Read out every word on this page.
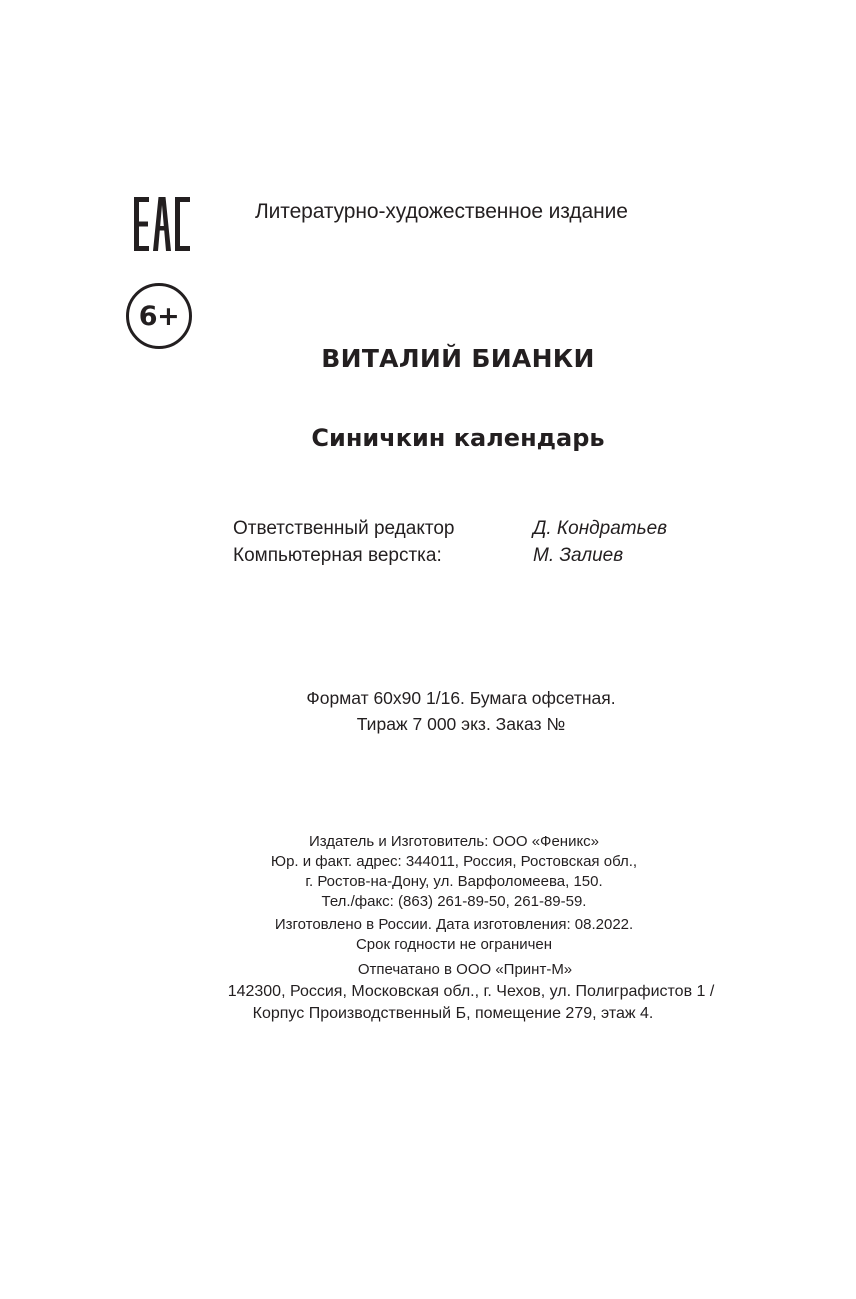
6+
Литературно-художественное издание
ВИТАЛИЙ БИАНКИ
Синичкин календарь
Ответственный редактор	Д. Кондратьев
Компьютерная верстка:	М. Залиев
Формат 60х90 1/16. Бумага офсетная.
Тираж 7 000 экз. Заказ №
Издатель и Изготовитель: ООО «Феникс»
Юр. и факт. адрес: 344011, Россия, Ростовская обл.,
г. Ростов-на-Дону, ул. Варфоломеева, 150.
Тел./факс: (863) 261-89-50, 261-89-59.
Изготовлено в России. Дата изготовления: 08.2022.
Срок годности не ограничен
Отпечатано в ООО «Принт-М»
142300, Россия, Московская обл., г. Чехов, ул. Полиграфистов 1 /
Корпус Производственный Б, помещение 279, этаж 4.
